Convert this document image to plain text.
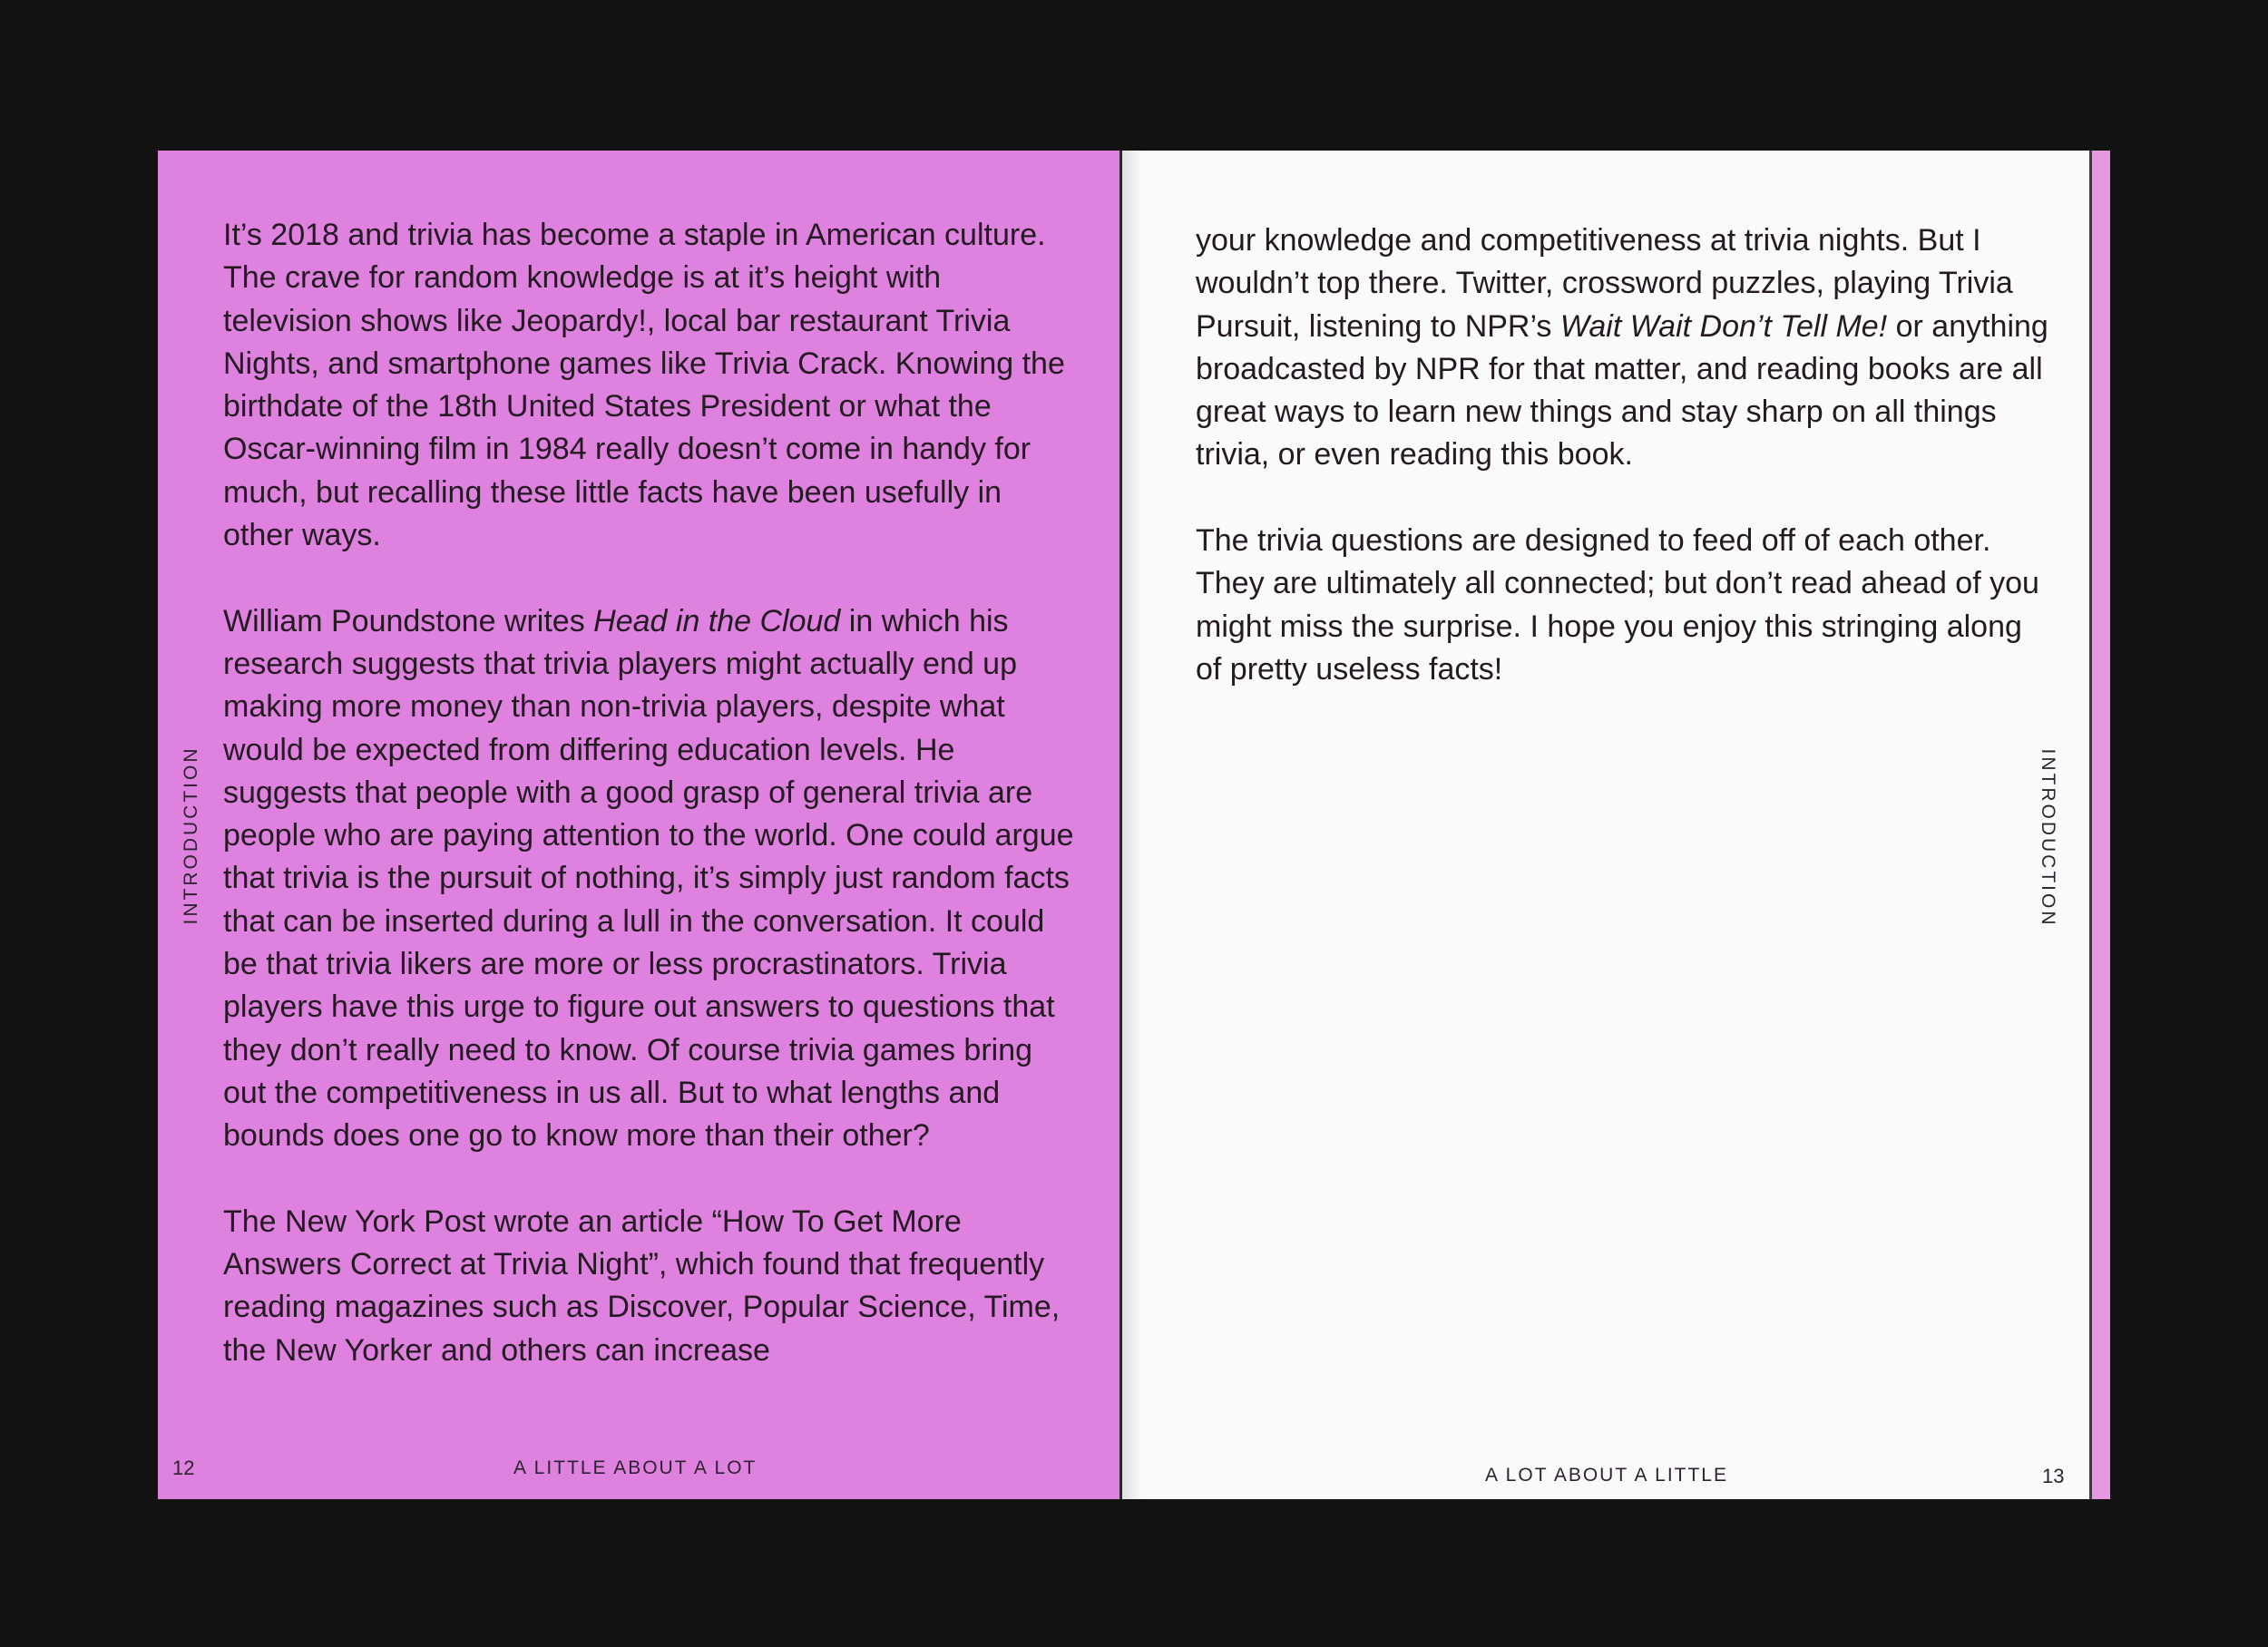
It’s 2018 and trivia has become a staple in American culture. The crave for random knowledge is at it’s height with television shows like Jeopardy!, local bar restaurant Trivia Nights, and smartphone games like Trivia Crack. Knowing the birthdate of the 18th United States President or what the Oscar-winning film in 1984 really doesn’t come in handy for much, but recalling these little facts have been usefully in other ways.

William Poundstone writes Head in the Cloud in which his research suggests that trivia players might actually end up making more money than non-trivia players, despite what would be expected from differing education levels. He suggests that people with a good grasp of general trivia are people who are paying attention to the world. One could argue that trivia is the pursuit of nothing, it’s simply just random facts that can be inserted during a lull in the conversation. It could be that trivia likers are more or less procrastinators. Trivia players have this urge to figure out answers to questions that they don’t really need to know. Of course trivia games bring out the competitiveness in us all. But to what lengths and bounds does one go to know more than their other?

The New York Post wrote an article “How To Get More Answers Correct at Trivia Night”, which found that frequently reading magazines such as Discover, Popular Science, Time, the New Yorker and others can increase

INTRODUCTION
12	A LITTLE ABOUT A LOT

your knowledge and competitiveness at trivia nights. But I wouldn’t top there. Twitter, crossword puzzles, playing Trivia Pursuit, listening to NPR’s Wait Wait Don’t Tell Me! or anything broadcasted by NPR for that matter, and reading books are all great ways to learn new things and stay sharp on all things trivia, or even reading this book.

The trivia questions are designed to feed off of each other. They are ultimately all connected; but don’t read ahead of you might miss the surprise. I hope you enjoy this stringing along of pretty useless facts!

INTRODUCTION
A LOT ABOUT A LITTLE	13
